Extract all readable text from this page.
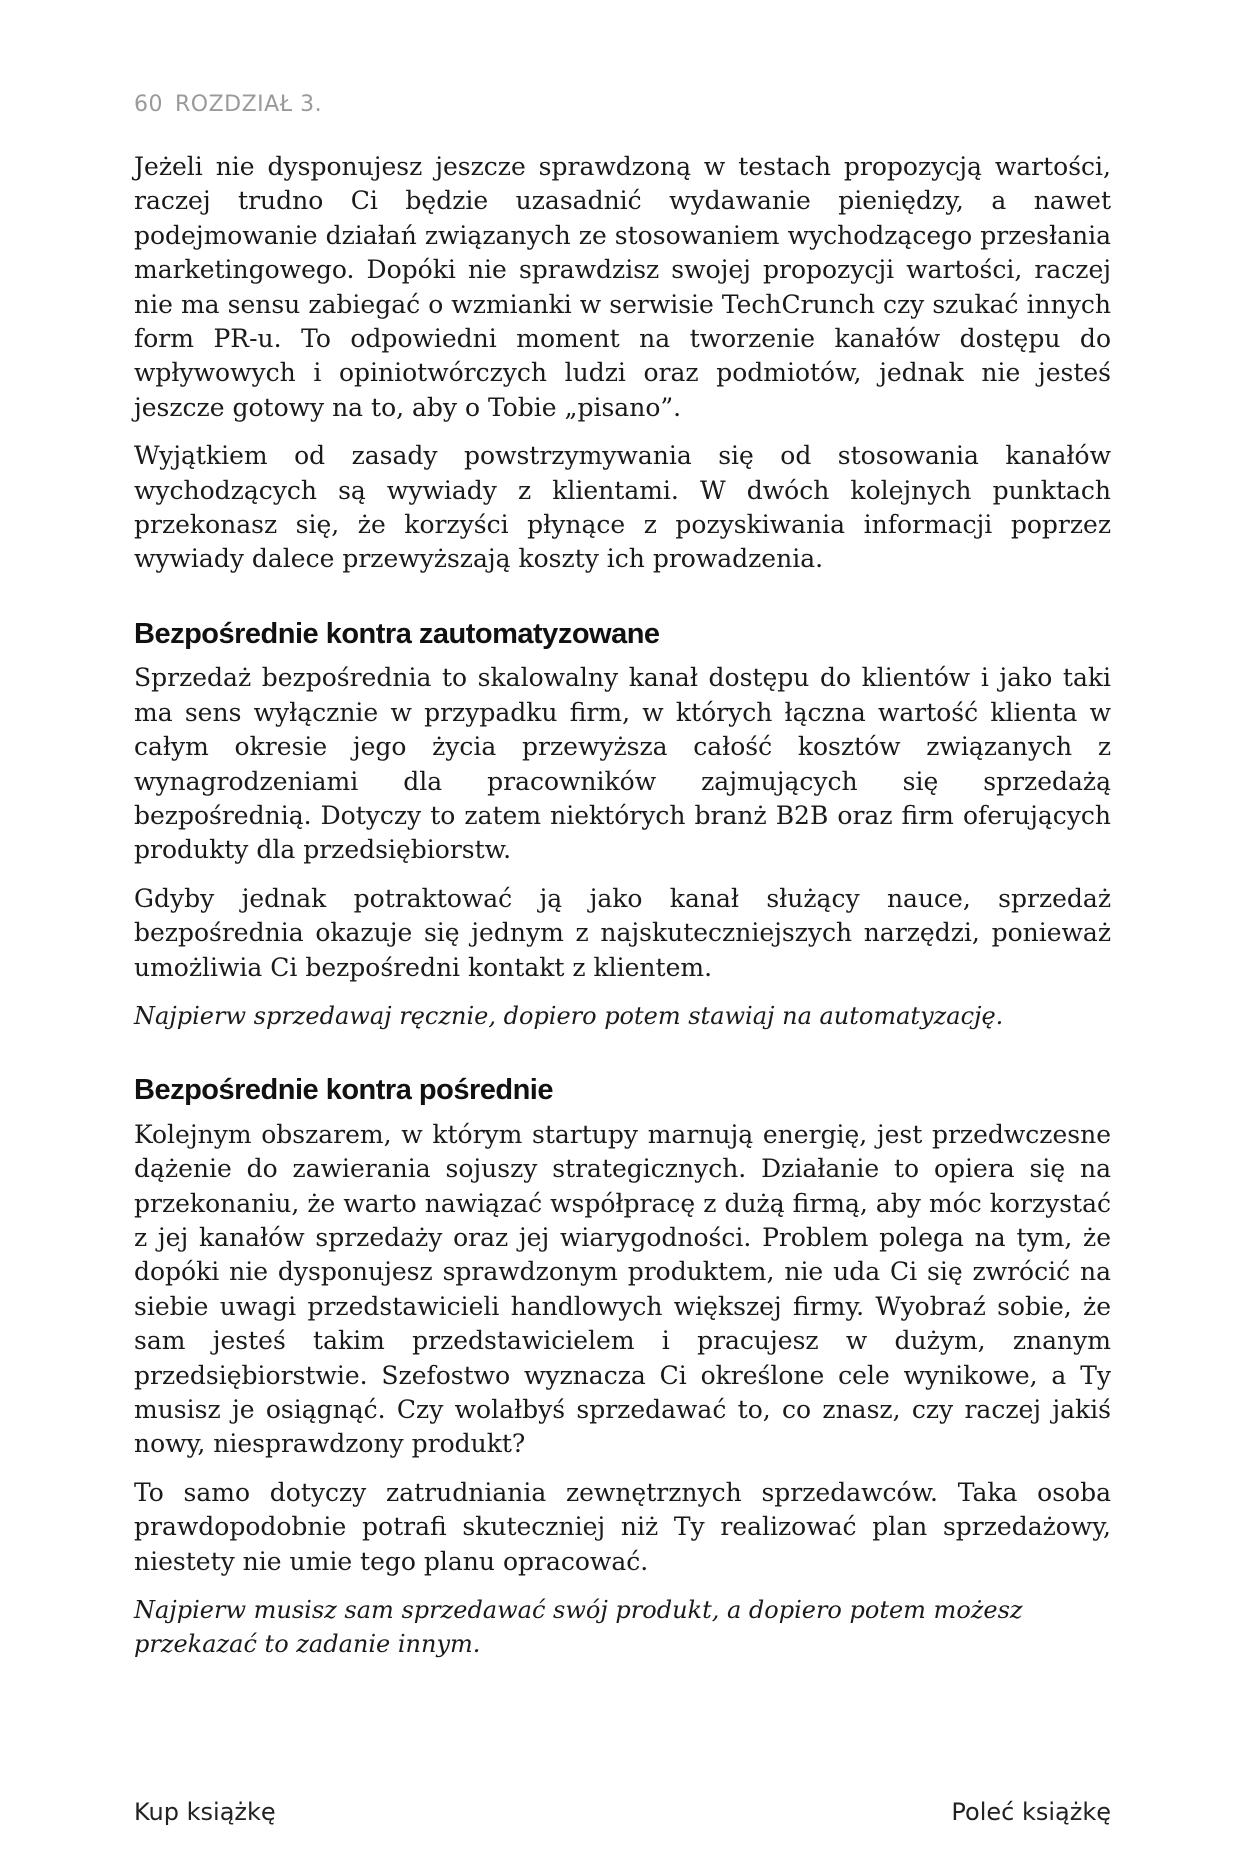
60 ROZDZIAŁ 3.

Jeżeli nie dysponujesz jeszcze sprawdzoną w testach propozycją wartości, raczej trudno Ci będzie uzasadnić wydawanie pieniędzy, a nawet podejmowanie działań związanych ze stosowaniem wychodzącego przesłania marketingowego. Dopóki nie sprawdzisz swojej propozycji wartości, raczej nie ma sensu zabiegać o wzmianki w serwisie TechCrunch czy szukać innych form PR-u. To odpowiedni moment na tworzenie kanałów dostępu do wpływowych i opiniotwórczych ludzi oraz podmiotów, jednak nie jesteś jeszcze gotowy na to, aby o Tobie „pisano”.

Wyjątkiem od zasady powstrzymywania się od stosowania kanałów wychodzących są wywiady z klientami. W dwóch kolejnych punktach przekonasz się, że korzyści płynące z pozyskiwania informacji poprzez wywiady dalece przewyższają koszty ich prowadzenia.

Bezpośrednie kontra zautomatyzowane

Sprzedaż bezpośrednia to skalowalny kanał dostępu do klientów i jako taki ma sens wyłącznie w przypadku firm, w których łączna wartość klienta w całym okresie jego życia przewyższa całość kosztów związanych z wynagrodzeniami dla pracowników zajmujących się sprzedażą bezpośrednią. Dotyczy to zatem niektórych branż B2B oraz firm oferujących produkty dla przedsiębiorstw.

Gdyby jednak potraktować ją jako kanał służący nauce, sprzedaż bezpośrednia okazuje się jednym z najskuteczniejszych narzędzi, ponieważ umożliwia Ci bezpośredni kontakt z klientem.

Najpierw sprzedawaj ręcznie, dopiero potem stawiaj na automatyzację.

Bezpośrednie kontra pośrednie

Kolejnym obszarem, w którym startupy marnują energię, jest przedwczesne dążenie do zawierania sojuszy strategicznych. Działanie to opiera się na przekonaniu, że warto nawiązać współpracę z dużą firmą, aby móc korzystać z jej kanałów sprzedaży oraz jej wiarygodności. Problem polega na tym, że dopóki nie dysponujesz sprawdzonym produktem, nie uda Ci się zwrócić na siebie uwagi przedstawicieli handlowych większej firmy. Wyobraź sobie, że sam jesteś takim przedstawicielem i pracujesz w dużym, znanym przedsiębiorstwie. Szefostwo wyznacza Ci określone cele wynikowe, a Ty musisz je osiągnąć. Czy wolałbyś sprzedawać to, co znasz, czy raczej jakiś nowy, niesprawdzony produkt?

To samo dotyczy zatrudniania zewnętrznych sprzedawców. Taka osoba prawdopodobnie potrafi skuteczniej niż Ty realizować plan sprzedażowy, niestety nie umie tego planu opracować.

Najpierw musisz sam sprzedawać swój produkt, a dopiero potem możesz przekazać to zadanie innym.

Kup książkę	Poleć książkę
